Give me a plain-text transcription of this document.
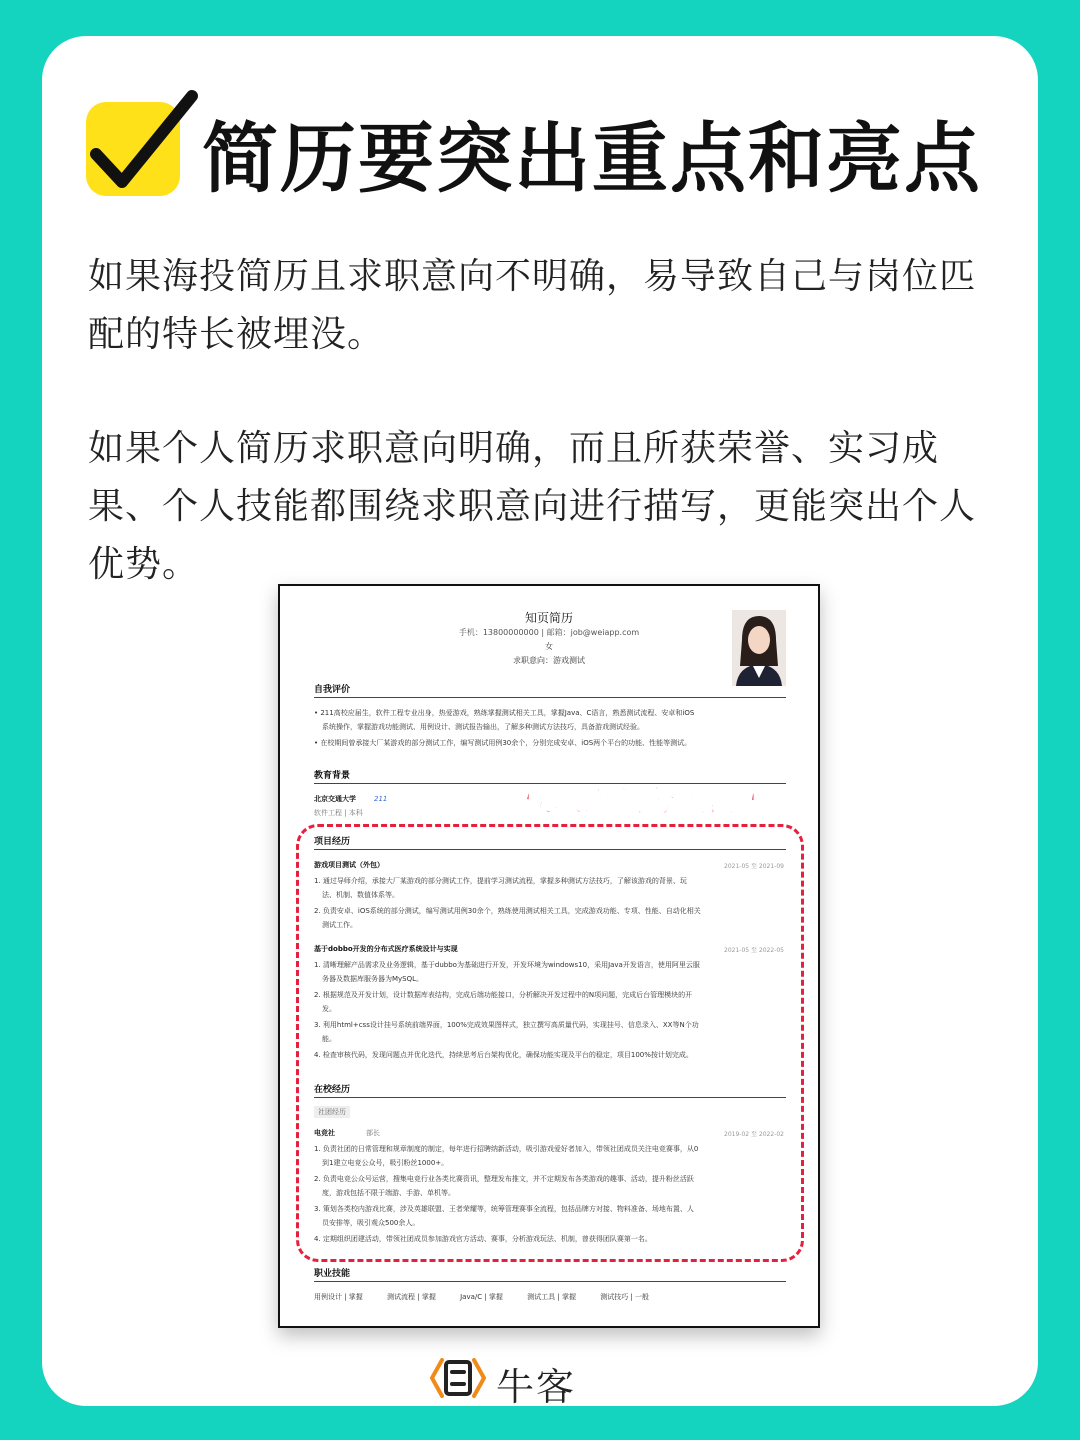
简历要突出重点和亮点

如果海投简历且求职意向不明确，易导致自己与岗位匹配的特长被埋没。

如果个人简历求职意向明确，而且所获荣誉、实习成果、个人技能都围绕求职意向进行描写，更能突出个人优势。

知页简历
手机：13800000000 | 邮箱：job@weiapp.com
女
求职意向：游戏测试
自我评价
• 211高校应届生，软件工程专业出身，热爱游戏，熟练掌握测试相关工具，掌握Java、C语言，熟悉测试流程、安卓和iOS
系统操作，掌握游戏功能测试、用例设计、测试报告输出，了解多种测试方法技巧，具备游戏测试经验。
• 在校期间曾承接大厂某游戏的部分测试工作，编写测试用例30余个，分别完成安卓、iOS两个平台的功能、性能等测试。
教育背景
北京交通大学	211
软件工程 | 本科	模块之间分割清晰
项目经历
游戏项目测试（外包）	2021-05 至 2021-09
1. 通过导师介绍，承接大厂某游戏的部分测试工作，提前学习测试流程，掌握多种测试方法技巧，了解该游戏的背景、玩
法、机制、数值体系等。
2. 负责安卓、iOS系统的部分测试，编写测试用例30余个，熟练使用测试相关工具，完成游戏功能、专项、性能、自动化相关
测试工作。
基于dobbo开发的分布式医疗系统设计与实现	2021-05 至 2022-05
1. 清晰理解产品需求及业务逻辑，基于dubbo为基础进行开发，开发环境为windows10，采用Java开发语言，使用阿里云服
务器及数据库服务器为MySQL。
2. 根据规范及开发计划，设计数据库表结构，完成后端功能接口，分析解决开发过程中的N项问题，完成后台管理模块的开
发。
3. 利用html+css设计挂号系统前端界面，100%完成效果图样式，独立撰写高质量代码，实现挂号、信息录入、XX等N个功
能。
4. 检查审核代码，发现问题点并优化迭代，持续思考后台架构优化，确保功能实现及平台的稳定，项目100%按计划完成。
在校经历
社团经历
电竞社	部长	2019-02 至 2022-02
1. 负责社团的日常管理和规章制度的制定，每年进行招聘纳新活动，吸引游戏爱好者加入，带领社团成员关注电竞赛事，从0
到1建立电竞公众号，吸引粉丝1000+。
2. 负责电竞公众号运营，搜集电竞行业各类比赛资讯，整理发布推文，并不定期发布各类游戏的趣事、活动，提升粉丝活跃
度，游戏包括不限于端游、手游、单机等。
3. 策划各类校内游戏比赛，涉及英雄联盟、王者荣耀等，统筹管理赛事全流程，包括品牌方对接、物料准备、场地布置、人
员安排等，吸引观众500余人。
4. 定期组织团建活动，带领社团成员参加游戏官方活动、赛事，分析游戏玩法、机制，曾获得团队赛第一名。
职业技能
用例设计 | 掌握	测试流程 | 掌握	Java/C | 掌握	测试工具 | 掌握	测试技巧 | 一般
牛客
